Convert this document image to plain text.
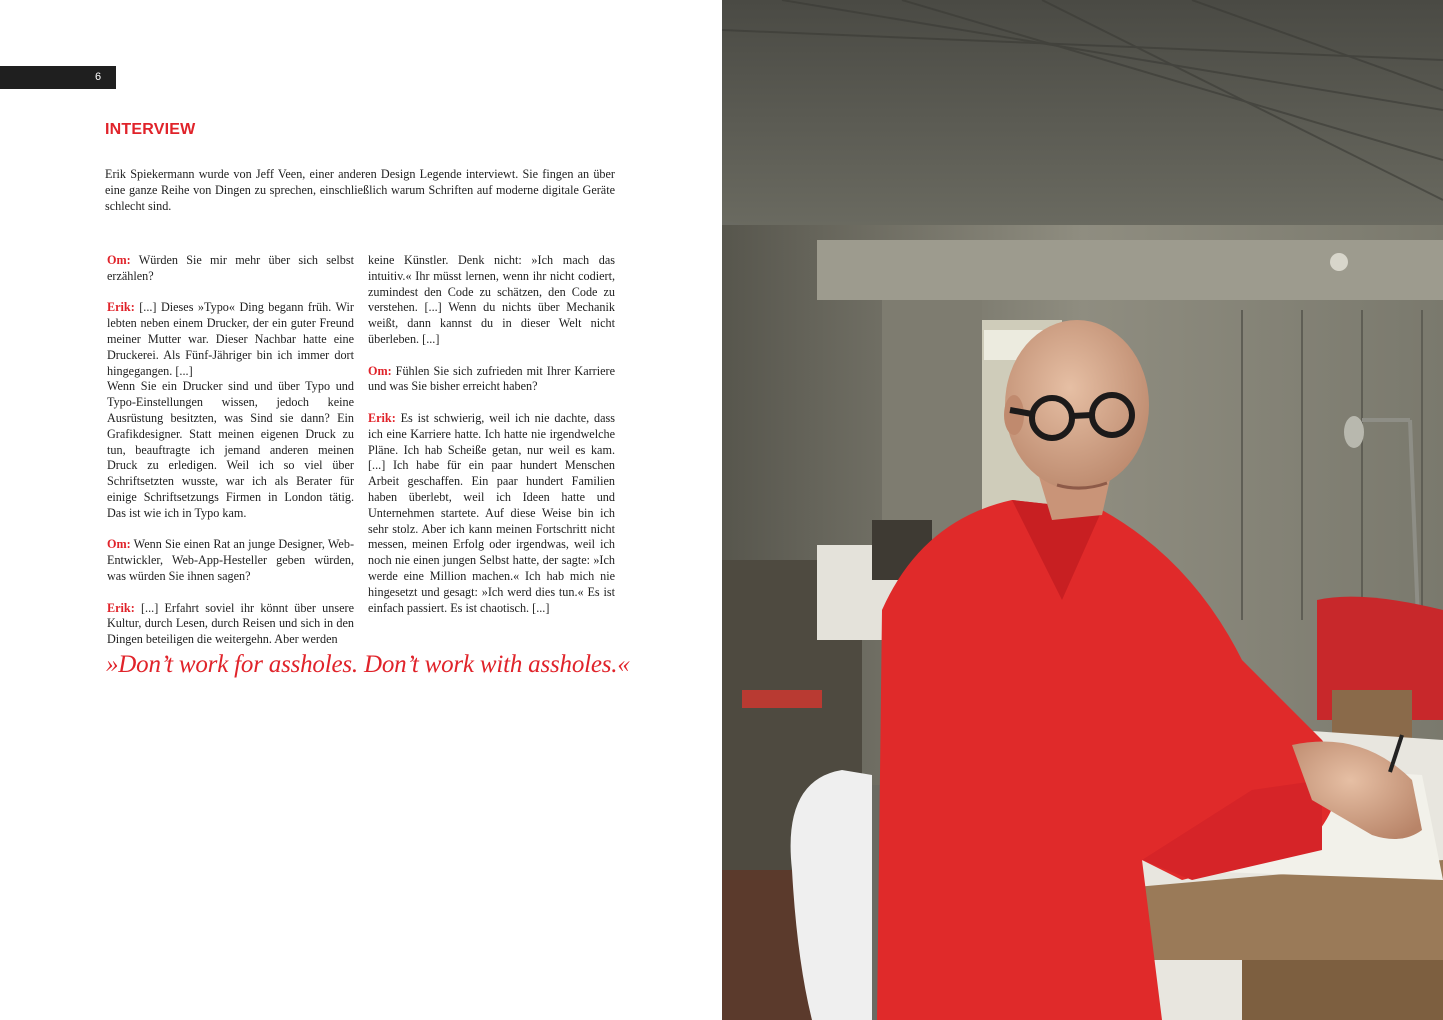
6
INTERVIEW

Erik Spiekermann wurde von Jeff Veen, einer anderen Design Legende interviewt. Sie fingen an über eine ganze Reihe von Dingen zu sprechen, einschließlich warum Schriften auf moderne digitale Geräte schlecht sind.

Om: Würden Sie mir mehr über sich selbst erzählen?

Erik: [...] Dieses »Typo« Ding begann früh. Wir lebten neben einem Drucker, der ein guter Freund meiner Mutter war. Dieser Nachbar hatte eine Druckerei. Als Fünf-Jähriger bin ich immer dort hingegangen. [...]
Wenn Sie ein Drucker sind und über Typo und Typo-Einstellungen wissen, jedoch keine Ausrüstung besitzten, was Sind sie dann? Ein Grafikdesigner. Statt meinen eigenen Druck zu tun, beauftragte ich jemand anderen meinen Druck zu erledigen. Weil ich so viel über Schriftsetzten wusste, war ich als Berater für einige Schriftsetzungs Firmen in London tätig. Das ist wie ich in Typo kam.

Om: Wenn Sie einen Rat an junge Designer, Web-Entwickler, Web-App-Hesteller geben würden, was würden Sie ihnen sagen?

Erik: [...] Erfahrt soviel ihr könnt über unsere Kultur, durch Lesen, durch Reisen und sich in den Dingen beteiligen die weitergehn. Aber werden

keine Künstler. Denk nicht: »Ich mach das intuitiv.« Ihr müsst lernen, wenn ihr nicht codiert, zumindest den Code zu schätzen, den Code zu verstehen. [...] Wenn du nichts über Mechanik weißt, dann kannst du in dieser Welt nicht überleben. [...]

Om: Fühlen Sie sich zufrieden mit Ihrer Karriere und was Sie bisher erreicht haben?

Erik: Es ist schwierig, weil ich nie dachte, dass ich eine Karriere hatte. Ich hatte nie irgendwelche Pläne. Ich hab Scheiße getan, nur weil es kam. [...] Ich habe für ein paar hundert Menschen Arbeit geschaffen. Ein paar hundert Familien haben überlebt, weil ich Ideen hatte und Unternehmen startete. Auf diese Weise bin ich sehr stolz. Aber ich kann meinen Fortschritt nicht messen, meinen Erfolg oder irgendwas, weil ich noch nie einen jungen Selbst hatte, der sagte: »Ich werde eine Million machen.« Ich hab mich nie hingesetzt und gesagt: »Ich werd dies tun.« Es ist einfach passiert. Es ist chaotisch. [...]

»Don’t work for assholes. Don’t work with assholes.«
